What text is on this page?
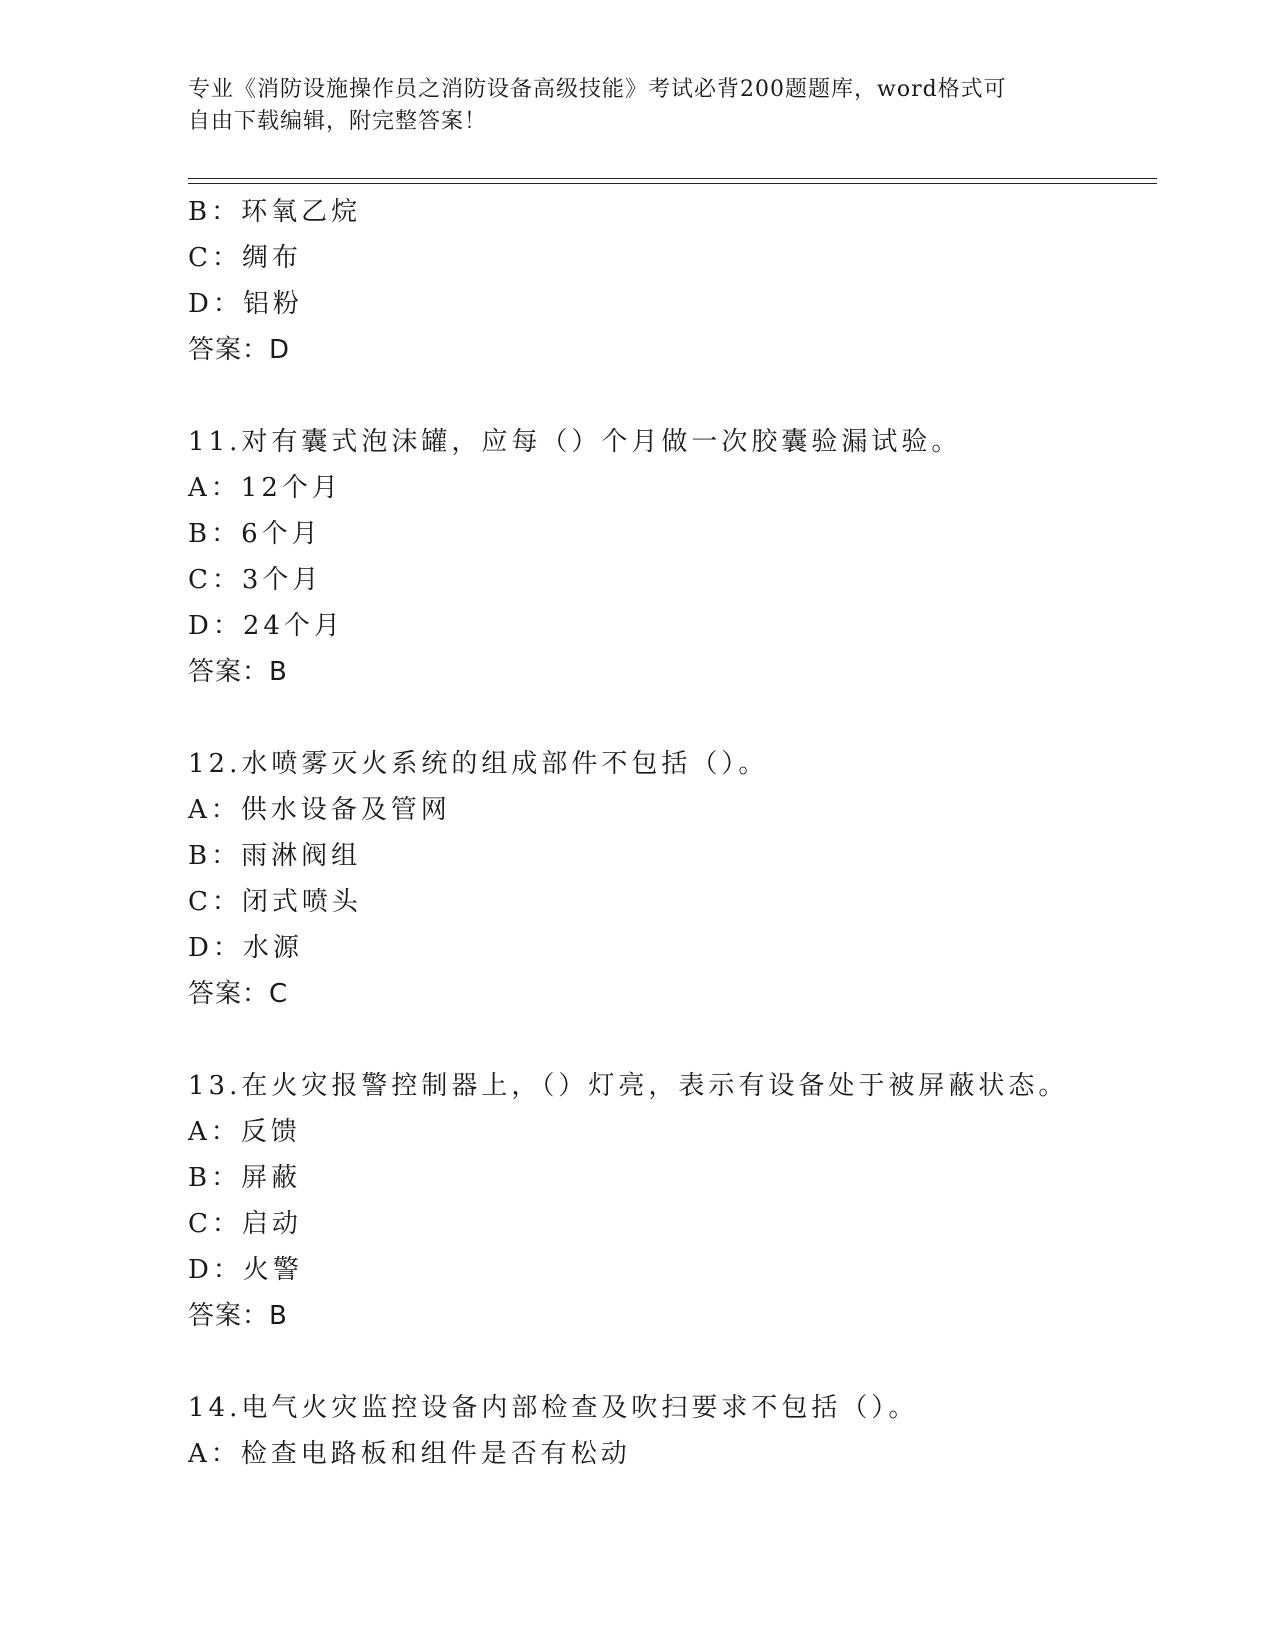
专业《消防设施操作员之消防设备高级技能》考试必背200题题库，word格式可
自由下载编辑，附完整答案！
B：环氧乙烷
C：绸布
D：铝粉
答案：D
11.对有囊式泡沫罐，应每（）个月做一次胶囊验漏试验。
A：12个月
B：6个月
C：3个月
D：24个月
答案：B
12.水喷雾灭火系统的组成部件不包括（）。
A：供水设备及管网
B：雨淋阀组
C：闭式喷头
D：水源
答案：C
13.在火灾报警控制器上，（）灯亮，表示有设备处于被屏蔽状态。
A：反馈
B：屏蔽
C：启动
D：火警
答案：B
14.电气火灾监控设备内部检查及吹扫要求不包括（）。
A：检查电路板和组件是否有松动
